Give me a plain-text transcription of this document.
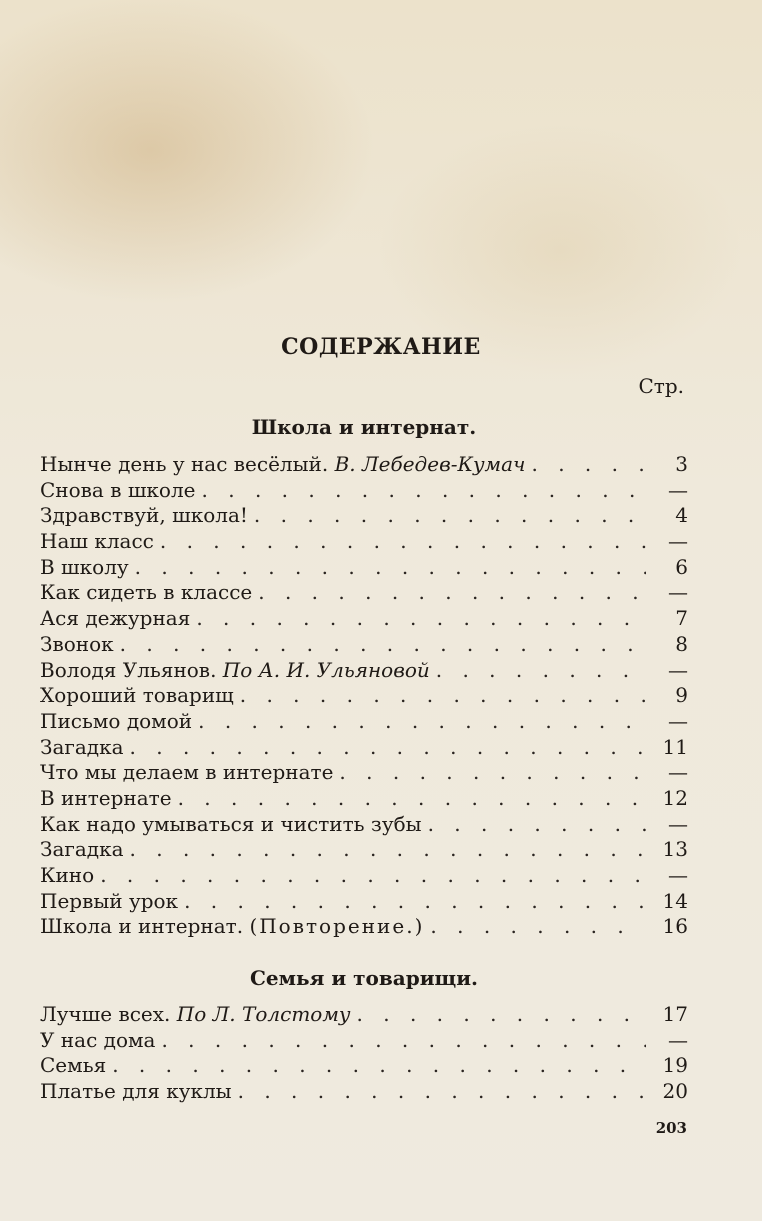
СОДЕРЖАНИЕ
Стр.
Школа и интернат.
Нынче день у нас весёлый. В. Лебедев-Кумач . . .	3
Снова в школе . . .	—
Здравствуй, школа! . . .	4
Наш класс . . .	—
В школу . . .	6
Как сидеть в классе . . .	—
Ася дежурная . . .	7
Звонок . . .	8
Володя Ульянов. По А. И. Ульяновой . . .	—
Хороший товарищ . . .	9
Письмо домой . . .	—
Загадка . . .	11
Что мы делаем в интернате . . .	—
В интернате . . .	12
Как надо умываться и чистить зубы . . .	—
Загадка . . .	13
Кино . . .	—
Первый урок . . .	14
Школа и интернат. (Повторение.) . . .	16
Семья и товарищи.
Лучше всех. По Л. Толстому . . .	17
У нас дома . . .	—
Семья . . .	19
Платье для куклы . . .	20
203
